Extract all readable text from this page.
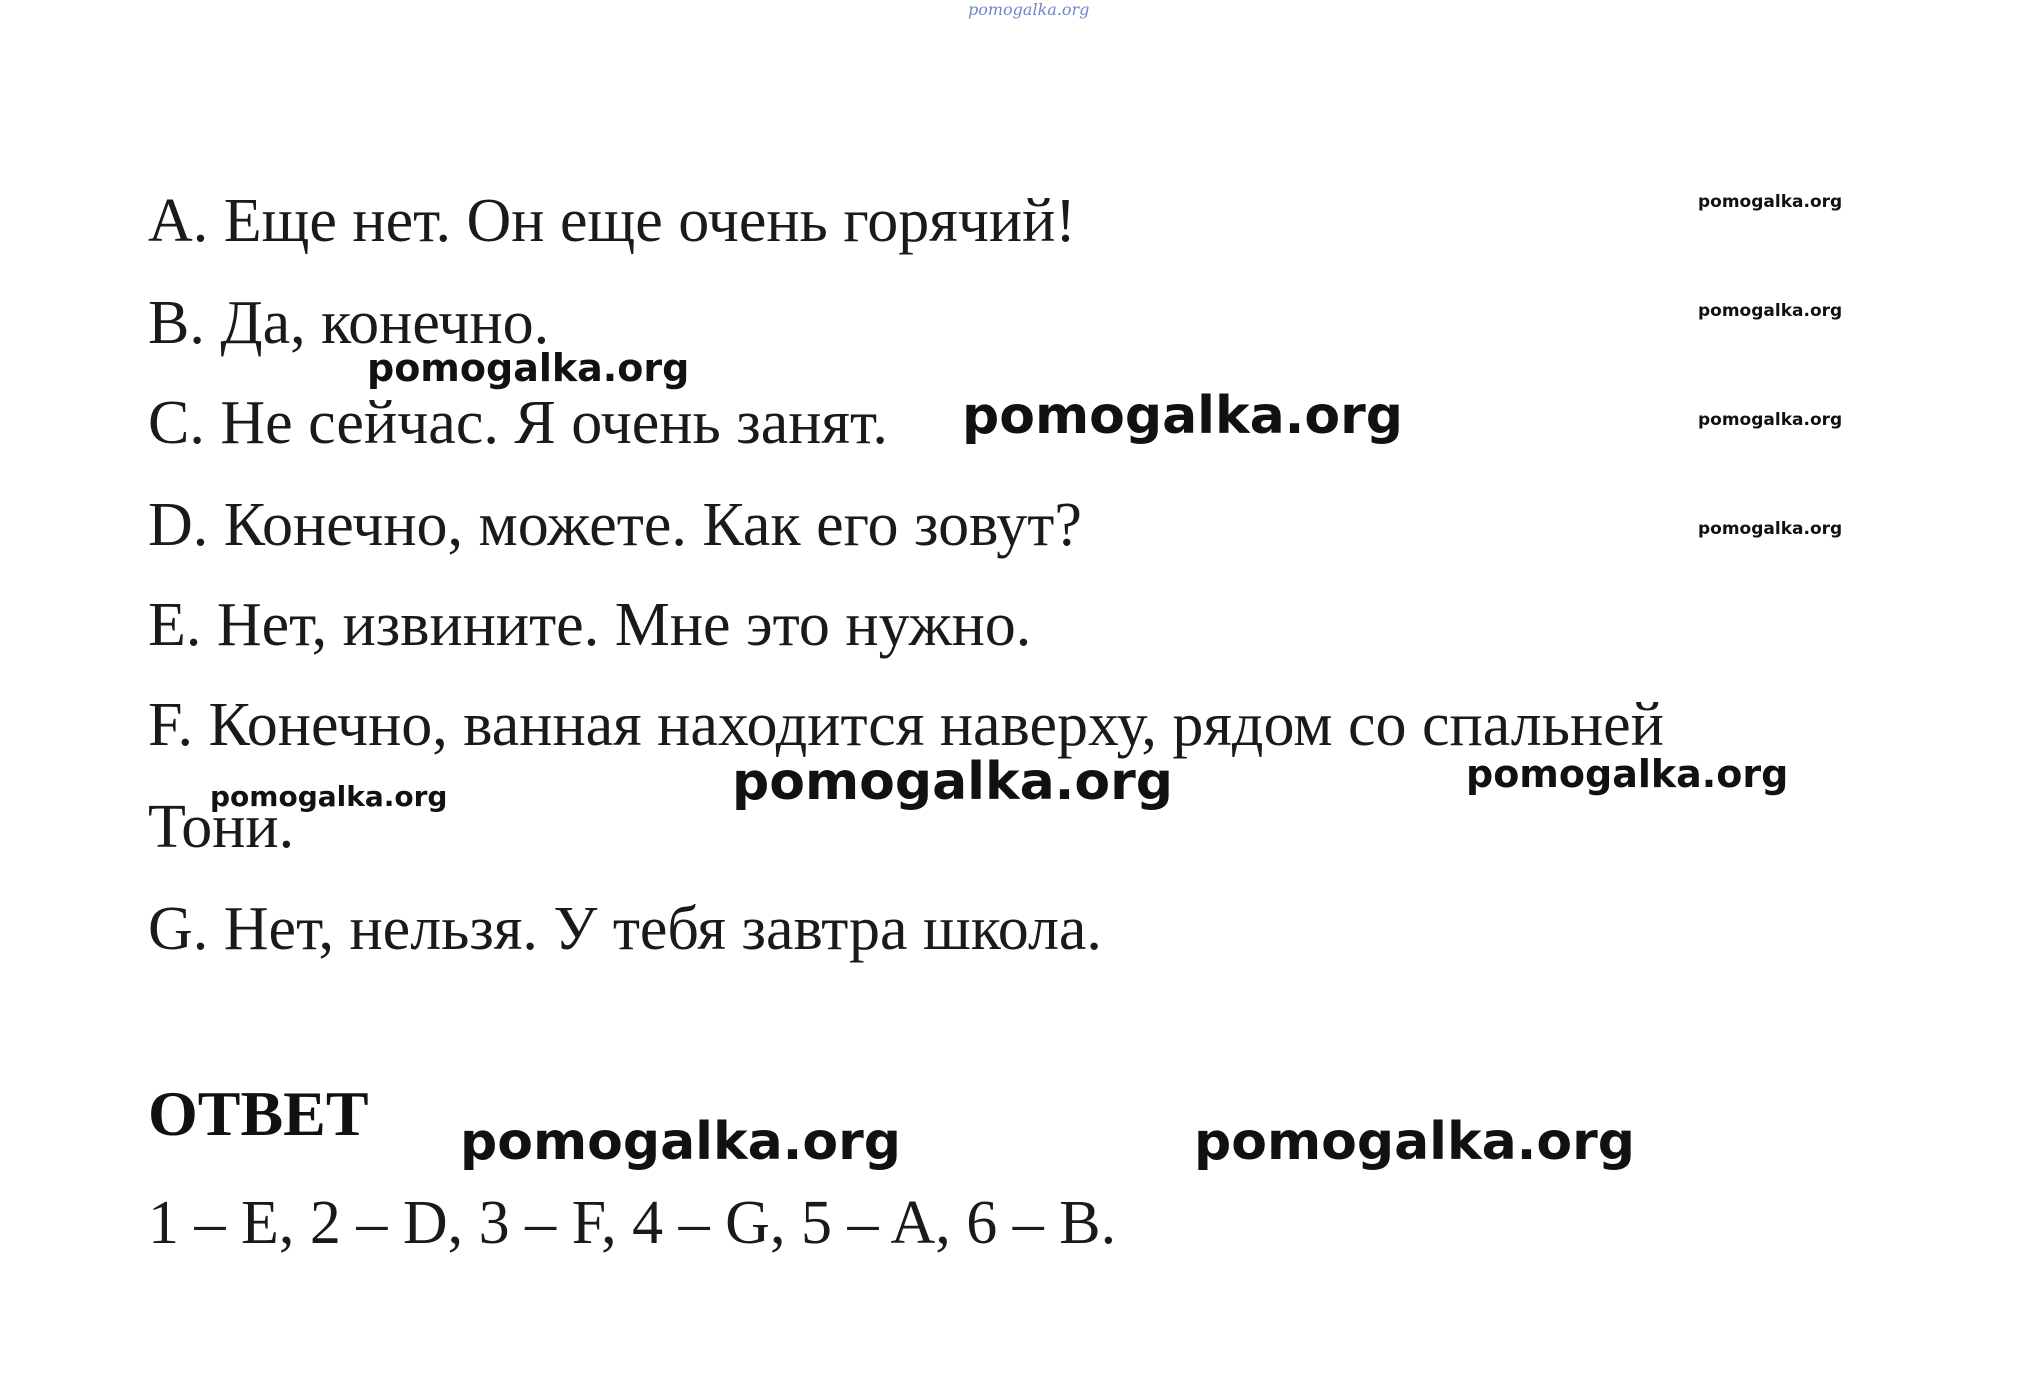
pomogalka.org

A. Еще нет. Он еще очень горячий!

B. Да, конечно.

C. Не сейчас. Я очень занят.

D. Конечно, можете. Как его зовут?

E. Нет, извините. Мне это нужно.

F. Конечно, ванная находится наверху, рядом со спальней

Тони.

G. Нет, нельзя. У тебя завтра школа.

ОТВЕТ

1 – E, 2 – D, 3 – F, 4 – G, 5 – A, 6 – B.

pomogalka.org
pomogalka.org
pomogalka.org
pomogalka.org
pomogalka.org
pomogalka.org
pomogalka.org	pomogalka.org	pomogalka.org
pomogalka.org	pomogalka.org
